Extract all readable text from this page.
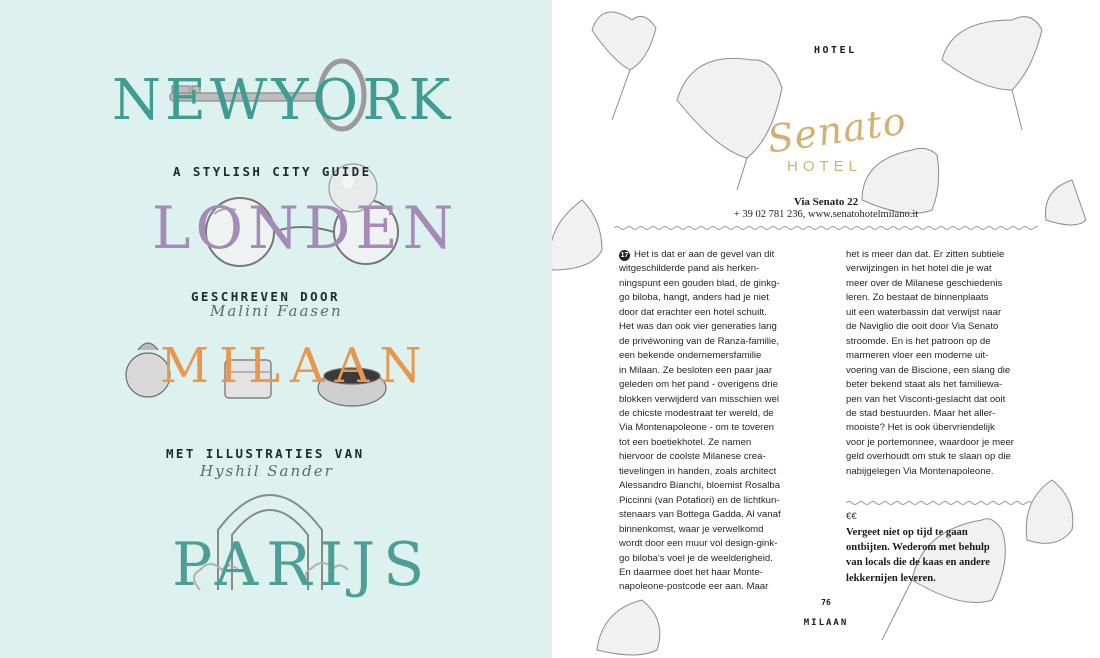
NEWYORK
A STYLISH CITY GUIDE
LONDEN
GESCHREVEN DOOR
Malini Faasen
MILAAN
MET ILLUSTRATIES VAN
Hyshil Sander
PARIJS
HOTEL
Senato
HOTEL
Via Senato 22
+ 39 02 781 236, www.senatohotelmilano.it
17 Het is dat er aan de gevel van dit
witgeschilderde pand als herken-
ningspunt een gouden blad, de ginkg-
go biloba, hangt, anders had je niet
door dat erachter een hotel schuilt.
Het was dan ook vier generaties lang
de privéwoning van de Ranza-familie,
een bekende ondernemersfamilie
in Milaan. Ze besloten een paar jaar
geleden om het pand - overigens drie
blokken verwijderd van misschien wel
de chicste modestraat ter wereld, de
Via Montenapoleone - om te toveren
tot een boetiekhotel. Ze namen
hiervoor de coolste Milanese crea-
tievelingen in handen, zoals architect
Alessandro Bianchi, bloemist Rosalba
Piccinni (van Potafiori) en de lichtkun-
stenaars van Bottega Gadda. Al vanaf
binnenkomst, waar je verwelkomd
wordt door een muur vol design-gink-
go biloba's voel je de weelderigheid.
En daarmee doet het haar Monte-
napoleone-postcode eer aan. Maar
het is meer dan dat. Er zitten subtiele
verwijzingen in het hotel die je wat
meer over de Milanese geschiedenis
leren. Zo bestaat de binnenplaats
uit een waterbassin dat verwijst naar
de Naviglio die ooit door Via Senato
stroomde. En is het patroon op de
marmeren vloer een moderne uit-
voering van de Biscione, een slang die
beter bekend staat als het familiewa-
pen van het Visconti-geslacht dat ooit
de stad bestuurden. Maar het aller-
mooiste? Het is ook übervriendelijk
voor je portemonnee, waardoor je meer
geld overhoudt om stuk te slaan op die
nabijgelegen Via Montenapoleone.
€€
Vergeet niet op tijd te gaan
ontbijten. Wederom met behulp
van locals die de kaas en andere
lekkernijen leveren.
76
MILAAN
